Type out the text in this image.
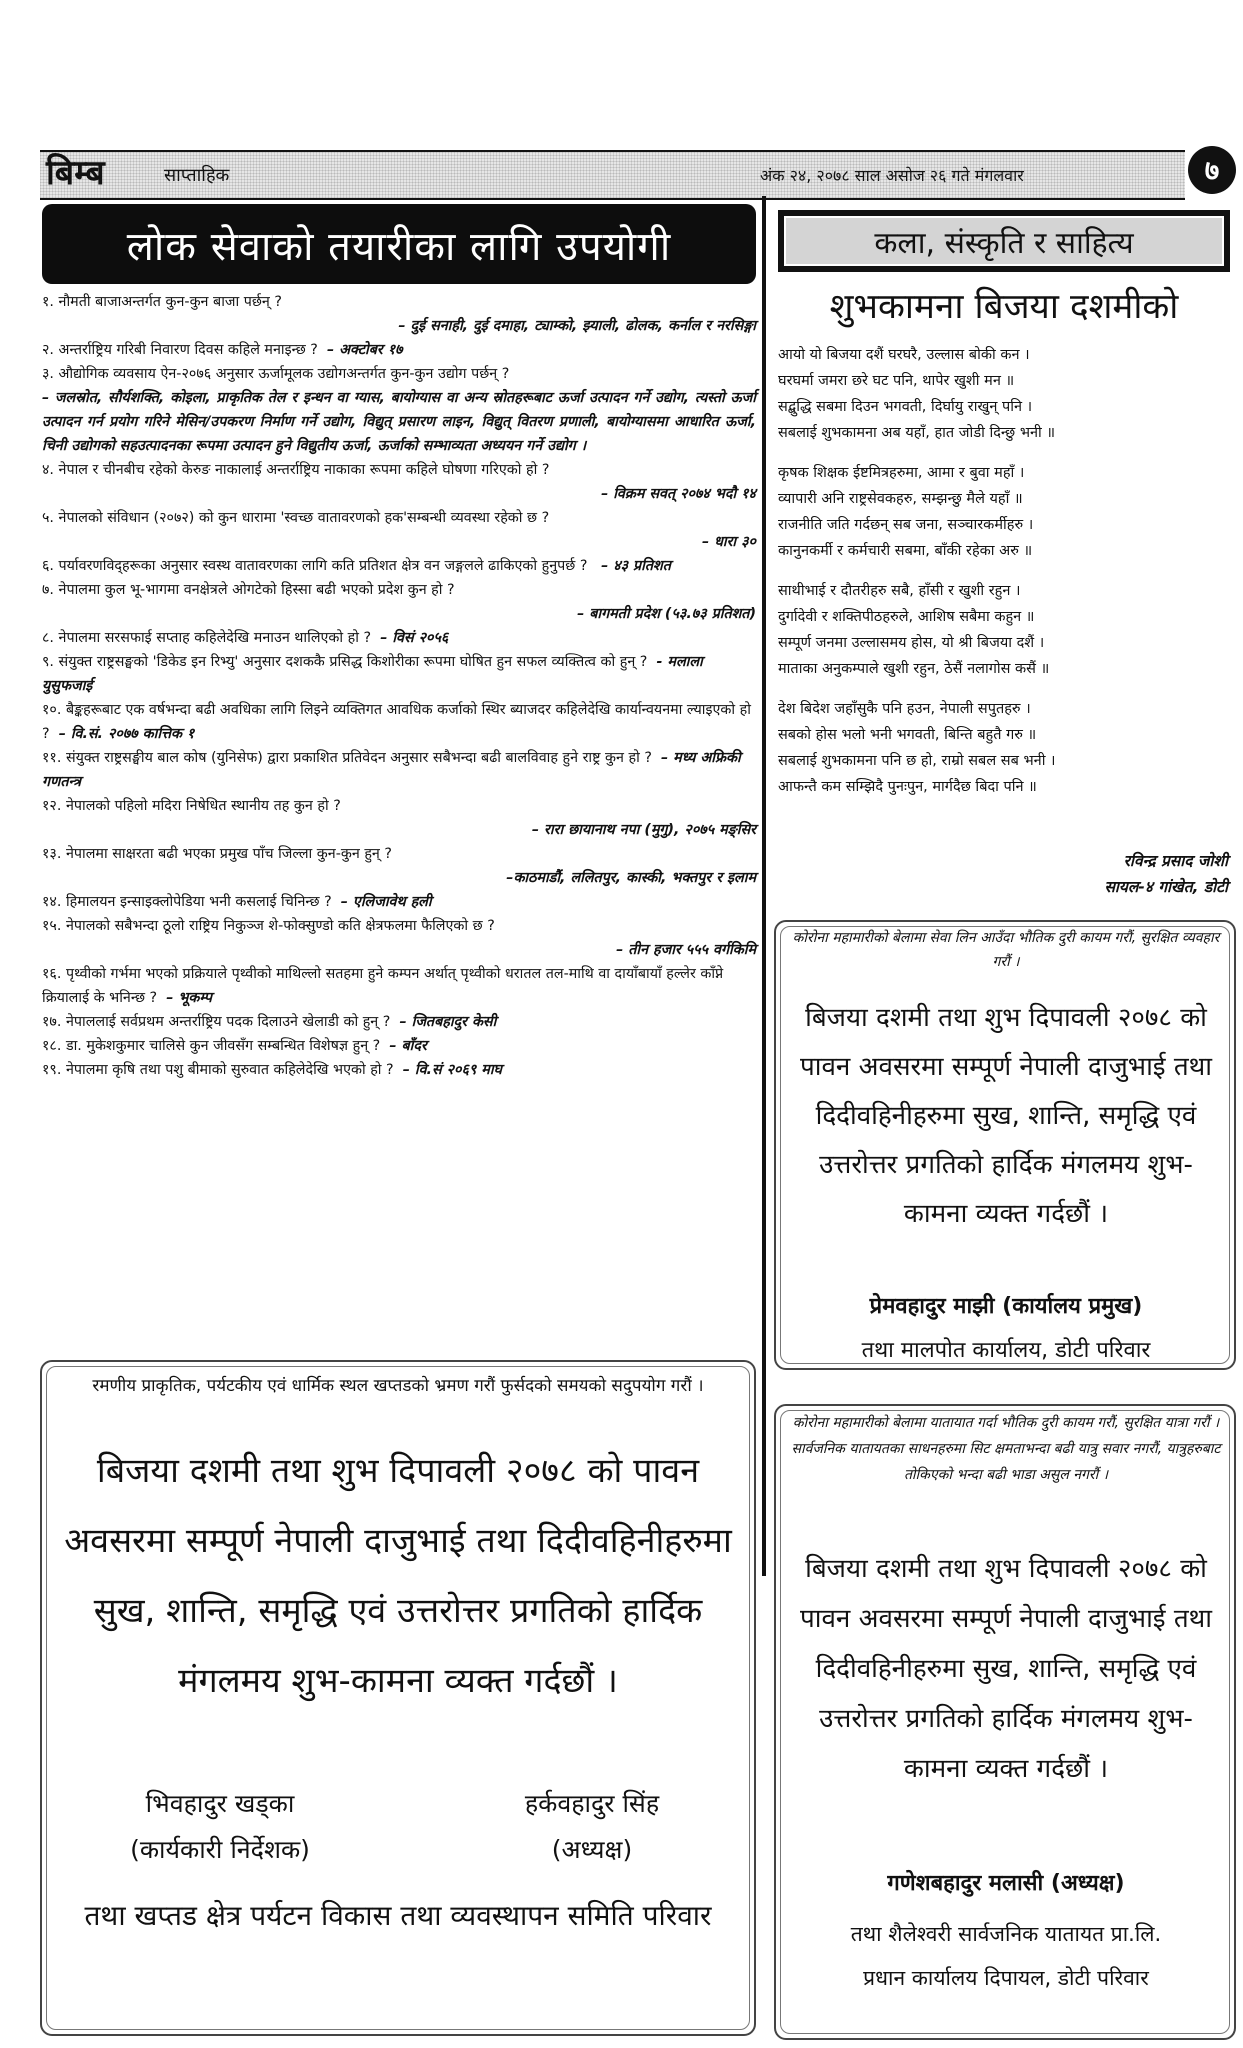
बिम्ब	साप्ताहिक	अंक २४, २०७८ साल असोज २६ गते मंगलवार	७
लोक सेवाको तयारीका लागि उपयोगी
१. नौमती बाजाअन्तर्गत कुन-कुन बाजा पर्छन् ?
– दुई सनाही, दुई दमाहा, ट्याम्को, झ्याली, ढोलक, कर्नाल र नरसिङ्गा
२. अन्तर्राष्ट्रिय गरिबी निवारण दिवस कहिले मनाइन्छ ? – अक्टोबर १७
३. औद्योगिक व्यवसाय ऐन-२०७६ अनुसार ऊर्जामूलक उद्योगअन्तर्गत कुन-कुन उद्योग पर्छन् ?
– जलस्रोत, सौर्यशक्ति, कोइला, प्राकृतिक तेल र इन्धन वा ग्यास, बायोग्यास वा अन्य स्रोतहरूबाट ऊर्जा उत्पादन गर्ने उद्योग, त्यस्तो ऊर्जा उत्पादन गर्न प्रयोग गरिने मेसिन/उपकरण निर्माण गर्ने उद्योग, विद्युत् प्रसारण लाइन, विद्युत् वितरण प्रणाली, बायोग्यासमा आधारित ऊर्जा, चिनी उद्योगको सहउत्पादनका रूपमा उत्पादन हुने विद्युतीय ऊर्जा, ऊर्जाको सम्भाव्यता अध्ययन गर्ने उद्योग ।
४. नेपाल र चीनबीच रहेको केरुङ नाकालाई अन्तर्राष्ट्रिय नाकाका रूपमा कहिले घोषणा गरिएको हो ?
– विक्रम सवत् २०७४ भदौ १४
५. नेपालको संविधान (२०७२) को कुन धारामा 'स्वच्छ वातावरणको हक'सम्बन्धी व्यवस्था रहेको छ ?
– धारा ३०
६. पर्यावरणविद्हरूका अनुसार स्वस्थ वातावरणका लागि कति प्रतिशत क्षेत्र वन जङ्गलले ढाकिएको हुनुपर्छ ? – ४३ प्रतिशत
७. नेपालमा कुल भू-भागमा वनक्षेत्रले ओगटेको हिस्सा बढी भएको प्रदेश कुन हो ?
– बागमती प्रदेश (५३.७३ प्रतिशत)
८. नेपालमा सरसफाई सप्ताह कहिलेदेखि मनाउन थालिएको हो ? – विसं २०५६
९. संयुक्त राष्ट्रसङ्घको 'डिकेड इन रिभ्यु' अनुसार दशककै प्रसिद्ध किशोरीका रूपमा घोषित हुन सफल व्यक्तित्व को हुन् ? - मलाला युसुफजाई
१०. बैङ्कहरूबाट एक वर्षभन्दा बढी अवधिका लागि लिइने व्यक्तिगत आवधिक कर्जाको स्थिर ब्याजदर कहिलेदेखि कार्यान्वयनमा ल्याइएको हो ? – वि.सं. २०७७ कात्तिक १
११. संयुक्त राष्ट्रसङ्घीय बाल कोष (युनिसेफ) द्वारा प्रकाशित प्रतिवेदन अनुसार सबैभन्दा बढी बालविवाह हुने राष्ट्र कुन हो ? – मध्य अफ्रिकी गणतन्त्र
१२. नेपालको पहिलो मदिरा निषेधित स्थानीय तह कुन हो ?
– रारा छायानाथ नपा (मुगु), २०७५ मङ्सिर
१३. नेपालमा साक्षरता बढी भएका प्रमुख पाँच जिल्ला कुन-कुन हुन् ?
–काठमाडौं, ललितपुर, कास्की, भक्तपुर र इलाम
१४. हिमालयन इन्साइक्लोपेडिया भनी कसलाई चिनिन्छ ? – एलिजावेथ हली
१५. नेपालको सबैभन्दा ठूलो राष्ट्रिय निकुञ्ज शे-फोक्सुण्डो कति क्षेत्रफलमा फैलिएको छ ?
– तीन हजार ५५५ वर्गकिमि
१६. पृथ्वीको गर्भमा भएको प्रक्रियाले पृथ्वीको माथिल्लो सतहमा हुने कम्पन अर्थात् पृथ्वीको धरातल तल-माथि वा दायाँबायाँ हल्लेर काँप्ने क्रियालाई के भनिन्छ ? – भूकम्प
१७. नेपाललाई सर्वप्रथम अन्तर्राष्ट्रिय पदक दिलाउने खेलाडी को हुन् ? – जितबहादुर केसी
१८. डा. मुकेशकुमार चालिसे कुन जीवसँग सम्बन्धित विशेषज्ञ हुन् ? – बाँदर
१९. नेपालमा कृषि तथा पशु बीमाको सुरुवात कहिलेदेखि भएको हो ? – वि.सं २०६९ माघ
कला, संस्कृति र साहित्य
शुभकामना बिजया दशमीको
आयो यो बिजया दशैं घरघरै, उल्लास बोकी कन ।
घरघर्मा जमरा छरे घट पनि, थापेर खुशी मन ॥
सद्बुद्धि सबमा दिउन भगवती, दिर्घायु राखुन् पनि ।
सबलाई शुभकामना अब यहाँ, हात जोडी दिन्छु भनी ॥
कृषक शिक्षक ईष्टमित्रहरुमा, आमा र बुवा महाँ ।
व्यापारी अनि राष्ट्रसेवकहरु, सम्झन्छु मैले यहाँ ॥
राजनीति जति गर्दछन् सब जना, सञ्चारकर्मीहरु ।
कानुनकर्मी र कर्मचारी सबमा, बाँकी रहेका अरु ॥
साथीभाई र दौतरीहरु सबै, हाँसी र खुशी रहुन ।
दुर्गादेवी र शक्तिपीठहरुले, आशिष सबैमा कहुन ॥
सम्पूर्ण जनमा उल्लासमय होस, यो श्री बिजया दशैं ।
माताका अनुकम्पाले खुशी रहुन, ठेसैं नलागोस कसैं ॥
देश बिदेश जहाँसुकै पनि हउन, नेपाली सपुतहरु ।
सबको होस भलो भनी भगवती, बिन्ति बहुतै गरु ॥
सबलाई शुभकामना पनि छ हो, राम्रो सबल सब भनी ।
आफन्तै कम सम्झिदै पुनःपुन, मार्गदैछ बिदा पनि ॥
रविन्द्र प्रसाद जोशी
सायल-४ गांखेत, डोटी
कोरोना महामारीको बेलामा सेवा लिन आउँदा भौतिक दुरी कायम गरौं, सुरक्षित व्यवहार गरौं ।
बिजया दशमी तथा शुभ दिपावली २०७८ को पावन अवसरमा सम्पूर्ण नेपाली दाजुभाई तथा दिदीवहिनीहरुमा सुख, शान्ति, समृद्धि एवं उत्तरोत्तर प्रगतिको हार्दिक मंगलमय शुभ-कामना व्यक्त गर्दछौं ।
प्रेमवहादुर माझी (कार्यालय प्रमुख)
तथा मालपोत कार्यालय, डोटी परिवार
कोरोना महामारीको बेलामा यातायात गर्दा भौतिक दुरी कायम गरौं, सुरक्षित यात्रा गरौं । सार्वजनिक यातायतका साधनहरुमा सिट क्षमताभन्दा बढी यात्रु सवार नगरौं, यात्रुहरुबाट तोकिएको भन्दा बढी भाडा असुल नगरौं ।
बिजया दशमी तथा शुभ दिपावली २०७८ को पावन अवसरमा सम्पूर्ण नेपाली दाजुभाई तथा दिदीवहिनीहरुमा सुख, शान्ति, समृद्धि एवं उत्तरोत्तर प्रगतिको हार्दिक मंगलमय शुभ-कामना व्यक्त गर्दछौं ।
गणेशबहादुर मलासी (अध्यक्ष)
तथा शैलेश्वरी सार्वजनिक यातायत प्रा.लि.
प्रधान कार्यालय दिपायल, डोटी परिवार
रमणीय प्राकृतिक, पर्यटकीय एवं धार्मिक स्थल खप्तडको भ्रमण गरौं फुर्सदको समयको सदुपयोग गरौं ।
बिजया दशमी तथा शुभ दिपावली २०७८ को पावन अवसरमा सम्पूर्ण नेपाली दाजुभाई तथा दिदीवहिनीहरुमा सुख, शान्ति, समृद्धि एवं उत्तरोत्तर प्रगतिको हार्दिक मंगलमय शुभ-कामना व्यक्त गर्दछौं ।
भिवहादुर खड्का
(कार्यकारी निर्देशक)
हर्कवहादुर सिंह
(अध्यक्ष)
तथा खप्तड क्षेत्र पर्यटन विकास तथा व्यवस्थापन समिति परिवार
